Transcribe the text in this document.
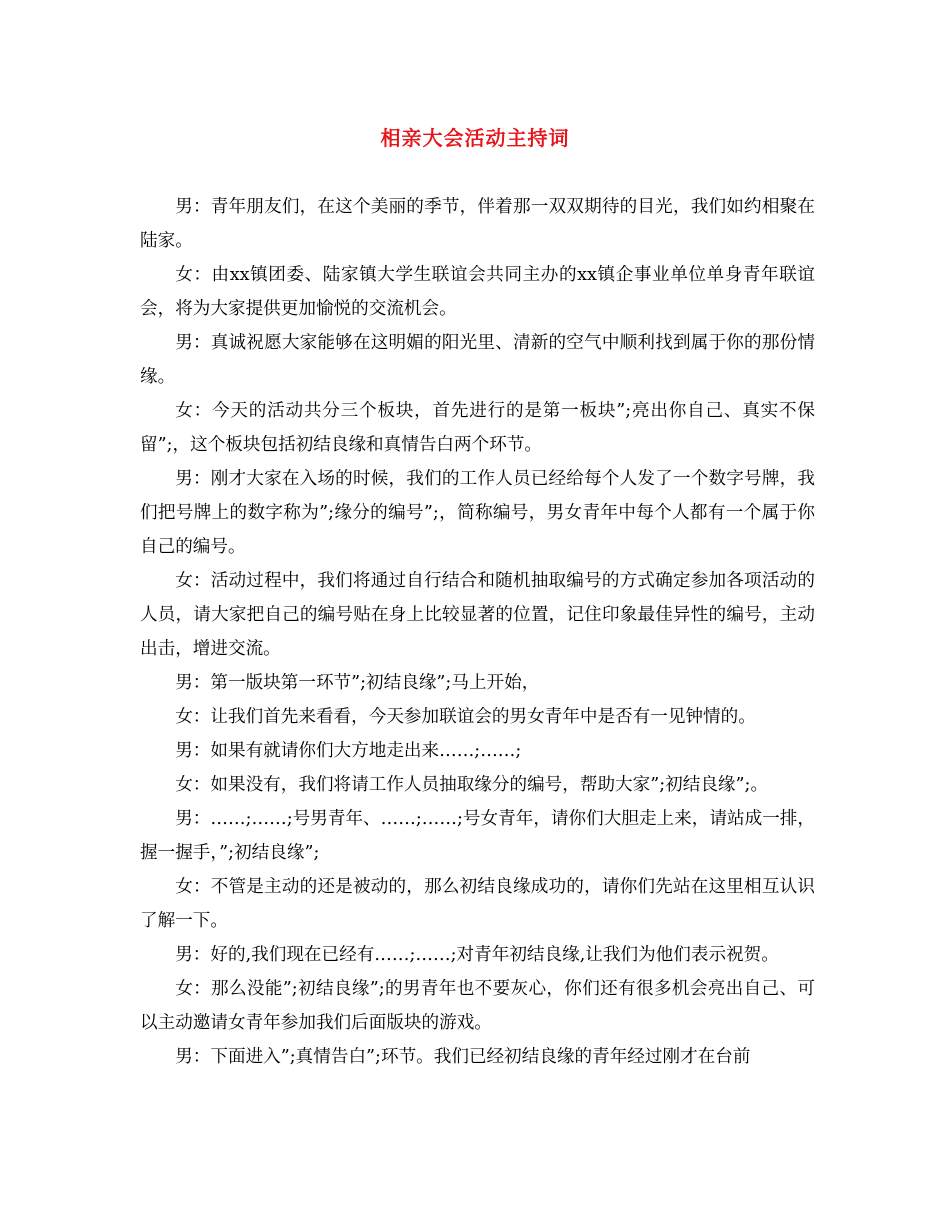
相亲大会活动主持词

男：青年朋友们，在这个美丽的季节，伴着那一双双期待的目光，我们如约相聚在陆家。

女：由xx镇团委、陆家镇大学生联谊会共同主办的xx镇企事业单位单身青年联谊会，将为大家提供更加愉悦的交流机会。

男：真诚祝愿大家能够在这明媚的阳光里、清新的空气中顺利找到属于你的那份情缘。

女：今天的活动共分三个板块，首先进行的是第一板块”;亮出你自己、真实不保留”;，这个板块包括初结良缘和真情告白两个环节。

男：刚才大家在入场的时候，我们的工作人员已经给每个人发了一个数字号牌，我们把号牌上的数字称为”;缘分的编号”;，简称编号，男女青年中每个人都有一个属于你自己的编号。

女：活动过程中，我们将通过自行结合和随机抽取编号的方式确定参加各项活动的人员，请大家把自己的编号贴在身上比较显著的位置，记住印象最佳异性的编号，主动出击，增进交流。

男：第一版块第一环节”;初结良缘”;马上开始，

女：让我们首先来看看，今天参加联谊会的男女青年中是否有一见钟情的。

男：如果有就请你们大方地走出来……;……;

女：如果没有，我们将请工作人员抽取缘分的编号，帮助大家”;初结良缘”;。

男：……;……;号男青年、……;……;号女青年，请你们大胆走上来，请站成一排，握一握手，”;初结良缘”;

女：不管是主动的还是被动的，那么初结良缘成功的，请你们先站在这里相互认识了解一下。

男：好的,我们现在已经有……;……;对青年初结良缘,让我们为他们表示祝贺。

女：那么没能”;初结良缘”;的男青年也不要灰心，你们还有很多机会亮出自己、可以主动邀请女青年参加我们后面版块的游戏。

男：下面进入”;真情告白”;环节。我们已经初结良缘的青年经过刚才在台前
